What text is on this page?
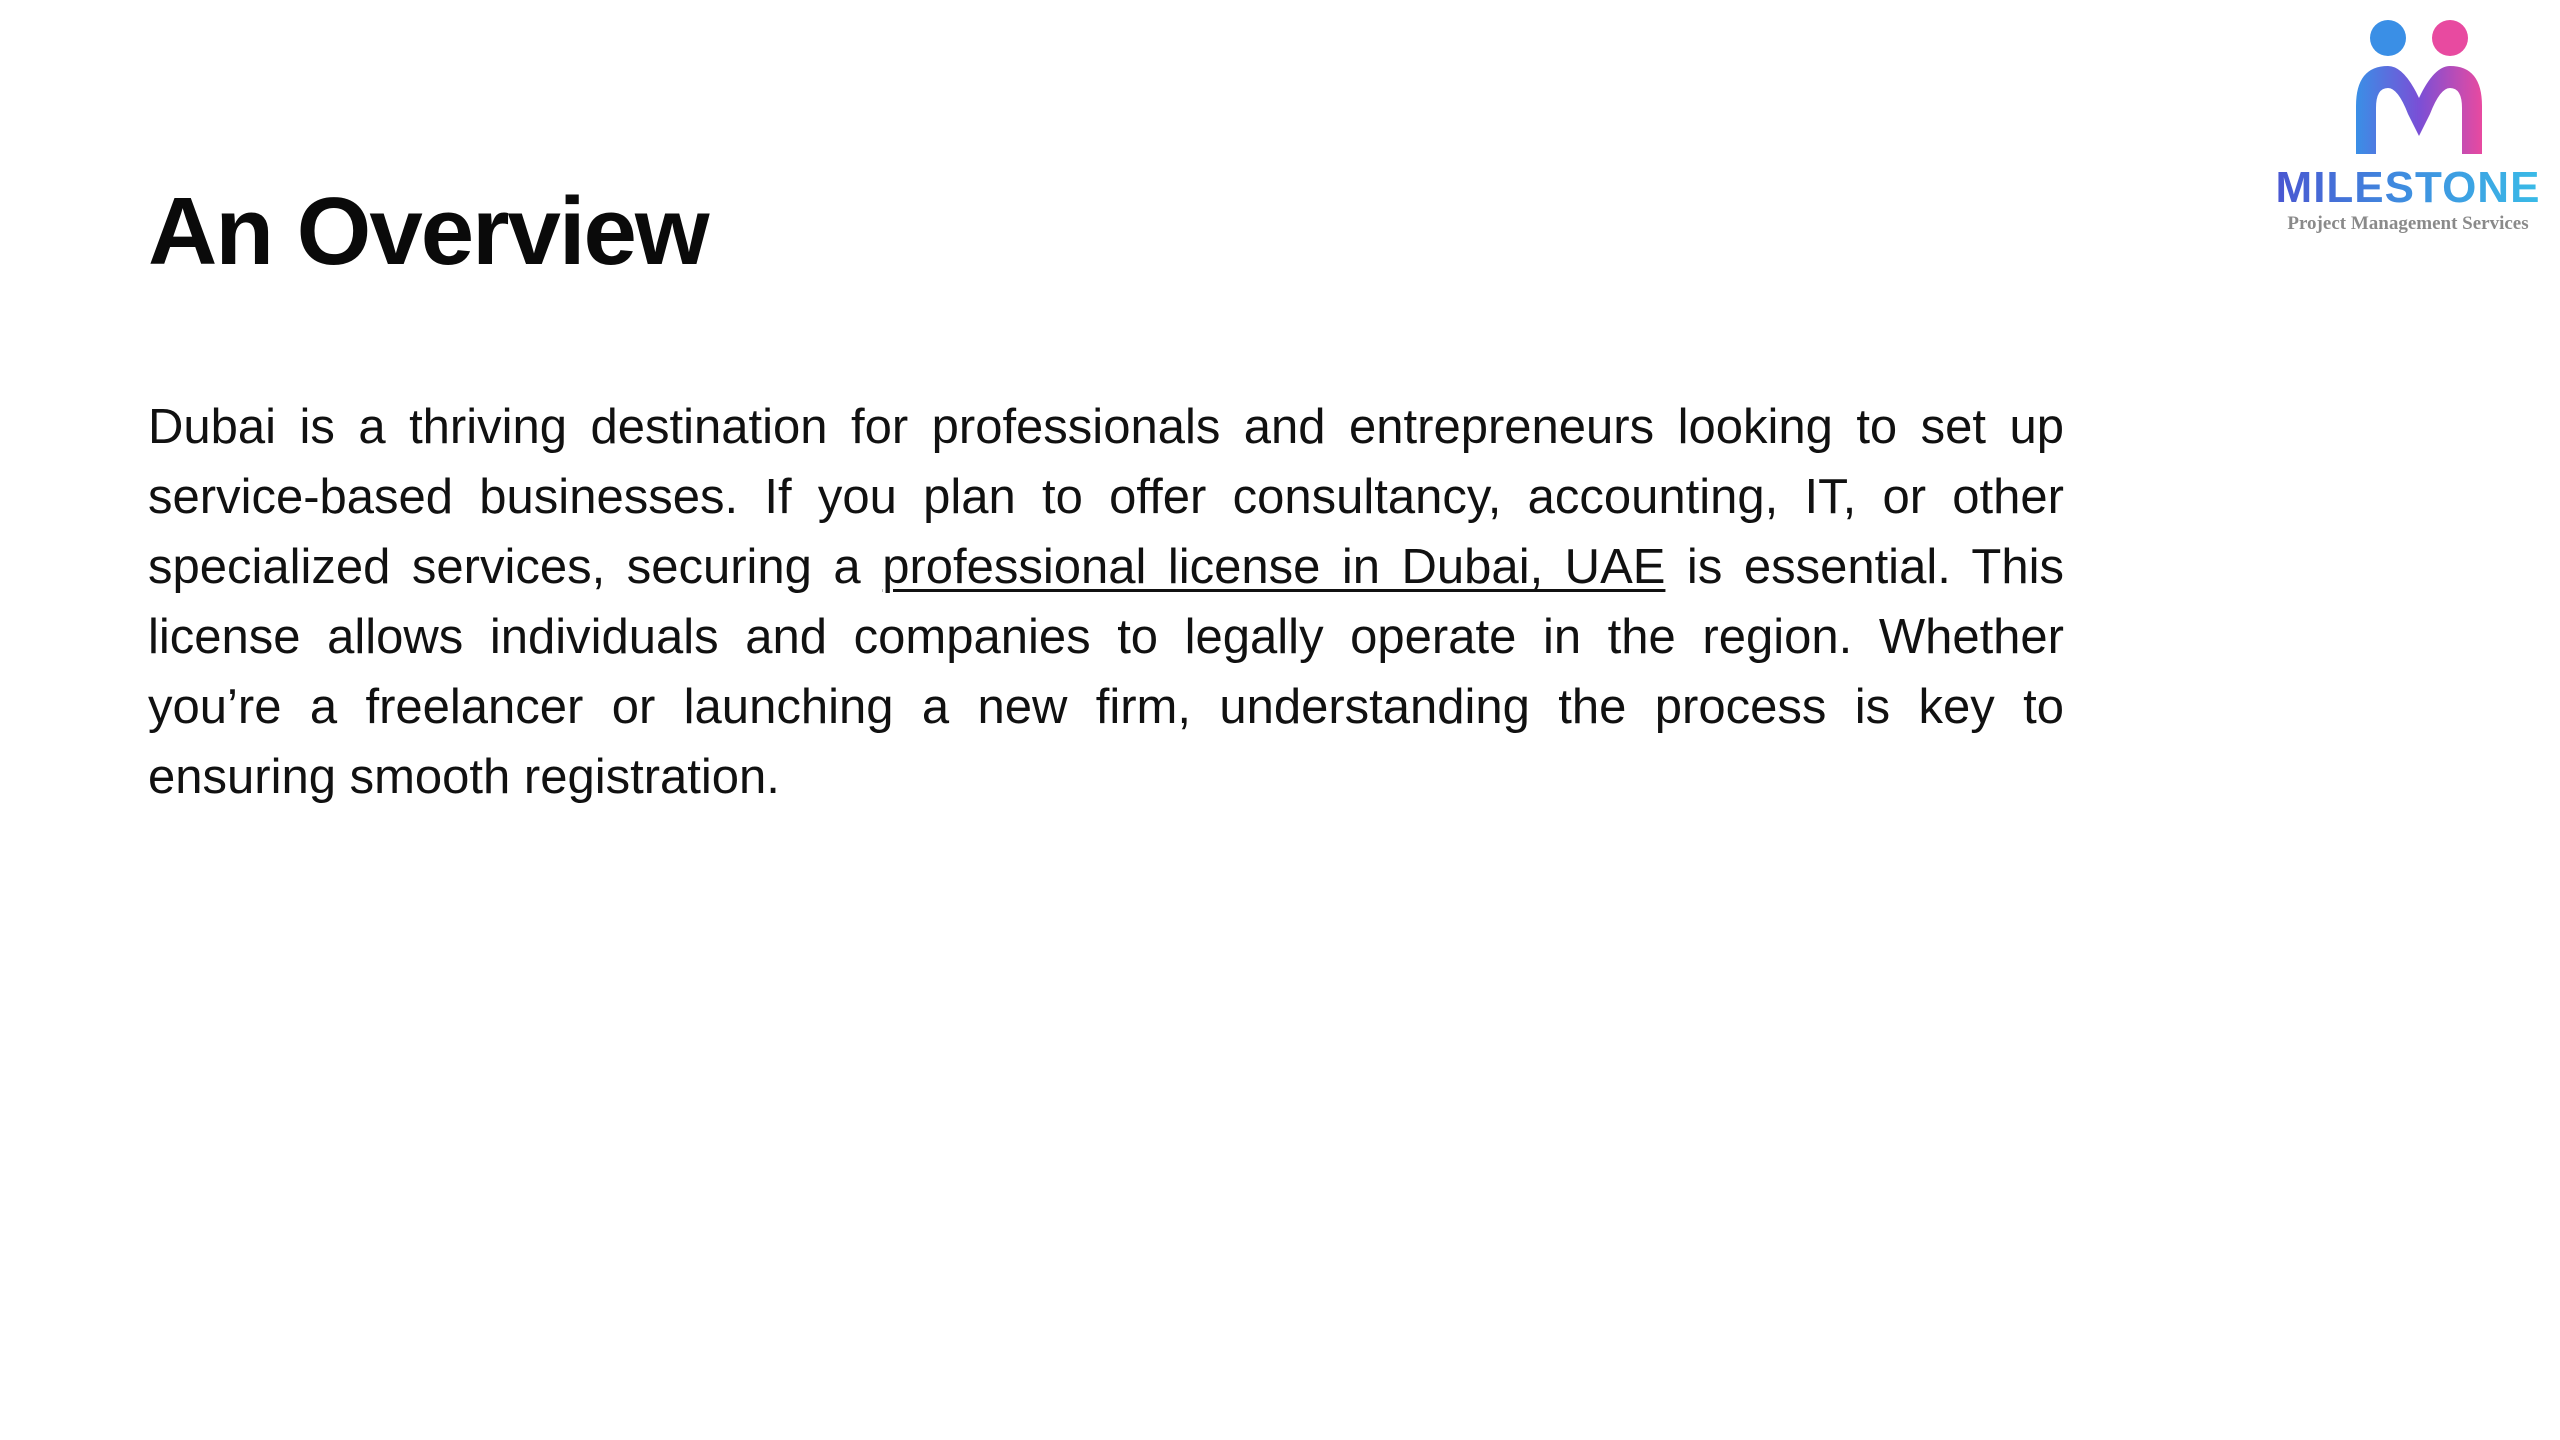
An Overview

Dubai is a thriving destination for professionals and entrepreneurs looking to set up service-based businesses. If you plan to offer consultancy, accounting, IT, or other specialized services, securing a professional license in Dubai, UAE is essential. This license allows individuals and companies to legally operate in the region. Whether you’re a freelancer or launching a new firm, understanding the process is key to ensuring smooth registration.

MILESTONE
Project Management Services
